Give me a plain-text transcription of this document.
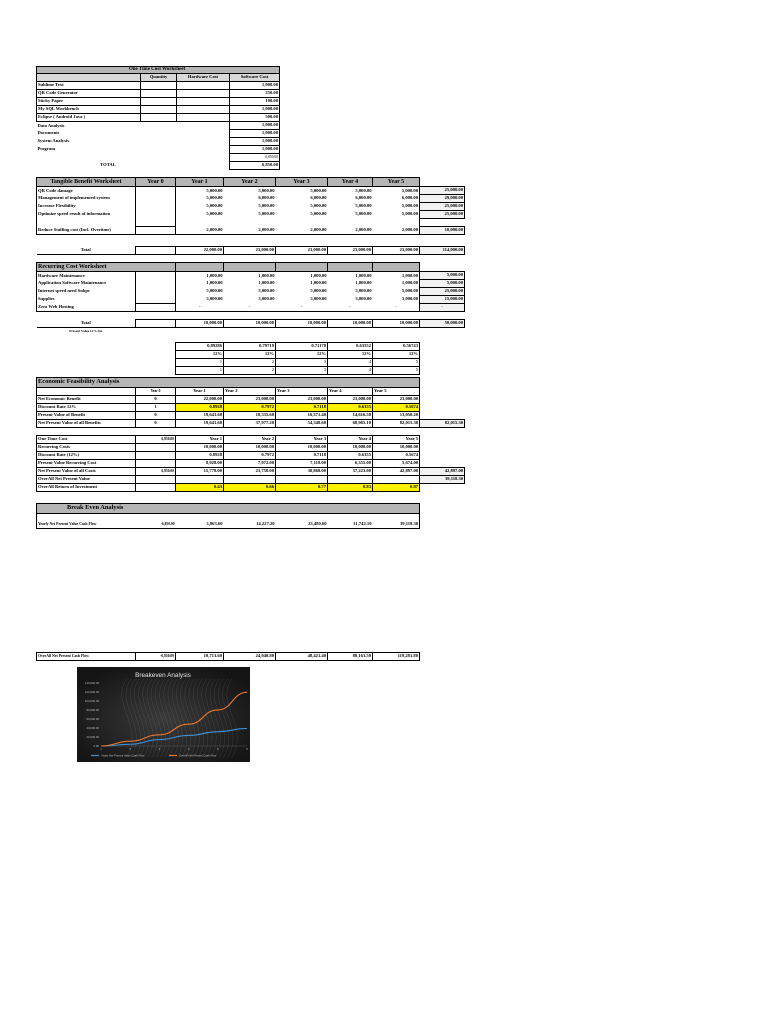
One Time Cost Worksheet
	Quantity	Hardware Cost	Software Cost
Sublime Text			1,000.00
QR Code Generator			250.00
Sticky Paper			100.00
My SQL Workbench			1,000.00
Eclipse ( Android Java )			500.00
Data Analysis			1,000.00
Documents			1,000.00
System Analysis			1,000.00
Program			1,000.00
			6,850.00
TOTAL			6,850.00
Tangible Benefit Worksheet	Year 0	Year 1	Year 2	Year 3	Year 4	Year 5	
QR Code damage		5,000.00	5,000.00	5,000.00	5,000.00	5,000.00	25,000.00
Management of implemented system		5,000.00	6,000.00	6,000.00	6,000.00	6,000.00	29,000.00
Increase Flexibility		5,000.00	5,000.00	5,000.00	5,000.00	5,000.00	25,000.00
Optimize speed result of information		5,000.00	5,000.00	5,000.00	5,000.00	5,000.00	25,000.00

Reduce Staffing cost (Incl. Overtime)		2,000.00	2,000.00	2,000.00	2,000.00	2,000.00	10,000.00

Total		22,000.00	23,000.00	23,000.00	23,000.00	23,000.00	114,000.00
Recurring Cost Worksheet							
Hardware Maintenance		1,000.00	1,000.00	1,000.00	1,000.00	1,000.00	5,000.00
Application Software Maintenance		1,000.00	1,000.00	1,000.00	1,000.00	1,000.00	5,000.00
Internet speed need Subps		5,000.00	5,000.00	5,000.00	5,000.00	5,000.00	25,000.00
Supplies		3,000.00	3,000.00	3,000.00	3,000.00	3,000.00	15,000.00
Zero Web Hosting		-	-	-	-	-	-

Total		10,000.00	10,000.00	10,000.00	10,000.00	10,000.00	50,000.00
Present Value 12% Int.							

		0.89286	0.79719	0.71178	0.63552	0.56743	
		12%	12%	12%	12%	12%	
		1	2	3	4	5	
		1	2	3	4	5	
Economic Feasibility Analysis							
	Year 0	Year 1	Year 2	Year 3	Year 4	Year 5	
Net Economic Benefit	0	22,000.00	23,000.00	23,000.00	23,000.00	23,000.00	
Discount Rate 12%	1	0.8928	0.7972	0.7118	0.6355	0.5674	
Present Value of Benefit	0	19,641.60	18,335.60	16,371.40	14,616.50	13,050.20	
Net Present Value of all Benefits	0	19,641.60	37,977.20	54,348.60	68,965.10	82,015.30	82,015.30

One Time Cost	6,850.00	Year 1	Year 2	Year 3	Year 4	Year 5	
Recurring Costs		10,000.00	10,000.00	10,000.00	10,000.00	10,000.00	
Discount Rate (12%)		0.8928	0.7972	0.7118	0.6355	0.5674	
Present Value Recurring Cost		8,928.00	7,972.00	7,118.00	6,355.00	5,674.00	
Net Present Value of all Costs	6,850.00	15,778.00	23,750.00	30,868.00	37,223.00	42,897.00	42,897.00
OverAll Net Present Value							39,118.30
OverAll Return of Investment		0.43	0.66	0.77	0.83	0.87	
Break Even Analysis						

Yearly Net Present Value Cash Flow	-6,850.00	3,863.60	14,227.20	23,480.60	31,742.10	39,118.30
OverAll Net Present Cash Flow	-6,850.00	10,713.60	24,940.80	48,421.40	80,163.50	119,281.80
Breakeven Analysis
140,000.00
120,000.00
100,000.00
80,000.00
60,000.00
40,000.00
20,000.00
0.00
1	2	3	4	5	6
Yearly Net Present Value Cash Flow	OverAll Net Present Cash Flow
